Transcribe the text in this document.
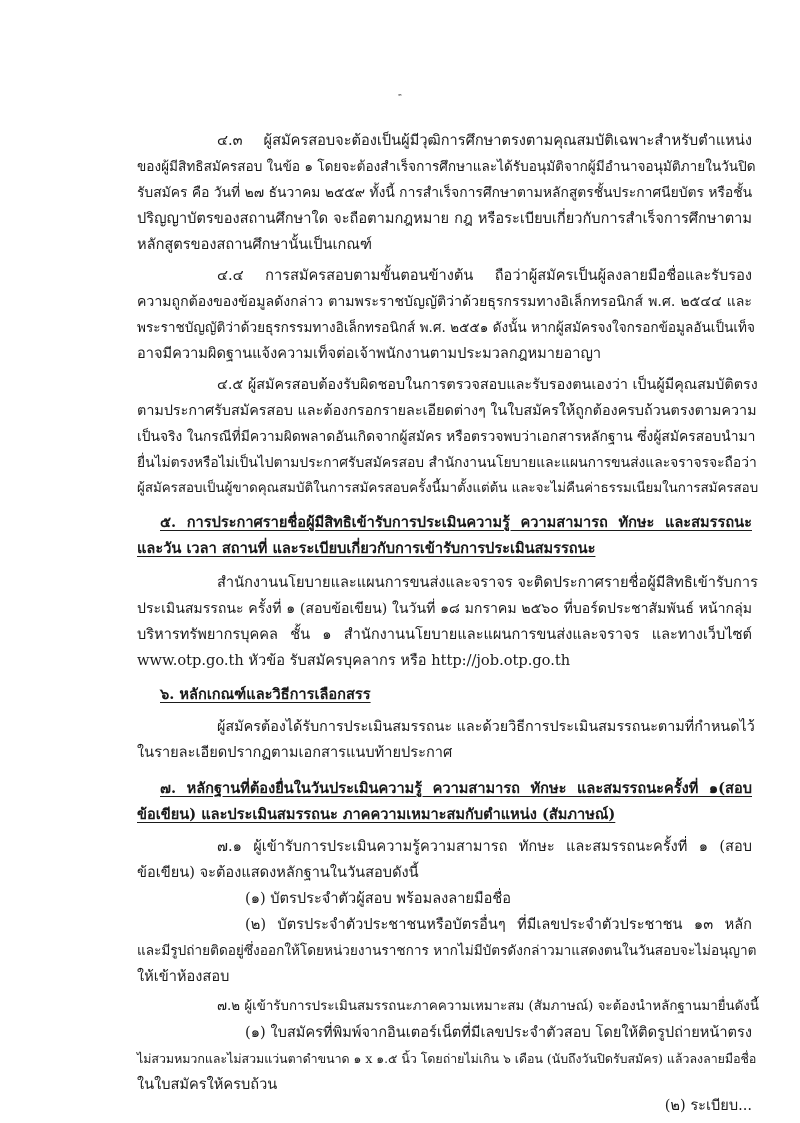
๓
๔.๓ ผู้สมัครสอบจะต้องเป็นผู้มีวุฒิการศึกษาตรงตามคุณสมบัติเฉพาะสำหรับตำแหน่ง
ของผู้มีสิทธิสมัครสอบ ในข้อ ๑ โดยจะต้องสำเร็จการศึกษาและได้รับอนุมัติจากผู้มีอำนาจอนุมัติภายในวันปิด
รับสมัคร คือ วันที่ ๒๗ ธันวาคม ๒๕๕๙ ทั้งนี้ การสำเร็จการศึกษาตามหลักสูตรชั้นประกาศนียบัตร หรือชั้น
ปริญญาบัตรของสถานศึกษาใด จะถือตามกฎหมาย กฎ หรือระเบียบเกี่ยวกับการสำเร็จการศึกษาตาม
หลักสูตรของสถานศึกษานั้นเป็นเกณฑ์
๔.๔ การสมัครสอบตามขั้นตอนข้างต้น ถือว่าผู้สมัครเป็นผู้ลงลายมือชื่อและรับรอง
ความถูกต้องของข้อมูลดังกล่าว ตามพระราชบัญญัติว่าด้วยธุรกรรมทางอิเล็กทรอนิกส์ พ.ศ. ๒๕๔๔ และ
พระราชบัญญัติว่าด้วยธุรกรรมทางอิเล็กทรอนิกส์ พ.ศ. ๒๕๕๑ ดังนั้น หากผู้สมัครจงใจกรอกข้อมูลอันเป็นเท็จ
อาจมีความผิดฐานแจ้งความเท็จต่อเจ้าพนักงานตามประมวลกฎหมายอาญา
๔.๕ ผู้สมัครสอบต้องรับผิดชอบในการตรวจสอบและรับรองตนเองว่า เป็นผู้มีคุณสมบัติตรง
ตามประกาศรับสมัครสอบ และต้องกรอกรายละเอียดต่างๆ ในใบสมัครให้ถูกต้องครบถ้วนตรงตามความ
เป็นจริง ในกรณีที่มีความผิดพลาดอันเกิดจากผู้สมัคร หรือตรวจพบว่าเอกสารหลักฐาน ซึ่งผู้สมัครสอบนำมา
ยื่นไม่ตรงหรือไม่เป็นไปตามประกาศรับสมัครสอบ สำนักงานนโยบายและแผนการขนส่งและจราจรจะถือว่า
ผู้สมัครสอบเป็นผู้ขาดคุณสมบัติในการสมัครสอบครั้งนี้มาตั้งแต่ต้น และจะไม่คืนค่าธรรมเนียมในการสมัครสอบ
๕. การประกาศรายชื่อผู้มีสิทธิเข้ารับการประเมินความรู้ ความสามารถ ทักษะ และสมรรถนะ
และวัน เวลา สถานที่ และระเบียบเกี่ยวกับการเข้ารับการประเมินสมรรถนะ
สำนักงานนโยบายและแผนการขนส่งและจราจร จะติดประกาศรายชื่อผู้มีสิทธิเข้ารับการ
ประเมินสมรรถนะ ครั้งที่ ๑ (สอบข้อเขียน) ในวันที่ ๑๘ มกราคม ๒๕๖๐ ที่บอร์ดประชาสัมพันธ์ หน้ากลุ่ม
บริหารทรัพยากรบุคคล ชั้น ๑ สำนักงานนโยบายและแผนการขนส่งและจราจร และทางเว็บไซต์
www.otp.go.th หัวข้อ รับสมัครบุคลากร หรือ http://job.otp.go.th
๖. หลักเกณฑ์และวิธีการเลือกสรร
ผู้สมัครต้องได้รับการประเมินสมรรถนะ และด้วยวิธีการประเมินสมรรถนะตามที่กำหนดไว้
ในรายละเอียดปรากฏตามเอกสารแนบท้ายประกาศ
๗. หลักฐานที่ต้องยื่นในวันประเมินความรู้ ความสามารถ ทักษะ และสมรรถนะครั้งที่ ๑(สอบ
ข้อเขียน) และประเมินสมรรถนะ ภาคความเหมาะสมกับตำแหน่ง (สัมภาษณ์)
๗.๑ ผู้เข้ารับการประเมินความรู้ความสามารถ ทักษะ และสมรรถนะครั้งที่ ๑ (สอบ
ข้อเขียน) จะต้องแสดงหลักฐานในวันสอบดังนี้
(๑) บัตรประจำตัวผู้สอบ พร้อมลงลายมือชื่อ
(๒) บัตรประจำตัวประชาชนหรือบัตรอื่นๆ ที่มีเลขประจำตัวประชาชน ๑๓ หลัก
และมีรูปถ่ายติดอยู่ซึ่งออกให้โดยหน่วยงานราชการ หากไม่มีบัตรดังกล่าวมาแสดงตนในวันสอบจะไม่อนุญาต
ให้เข้าห้องสอบ
๗.๒ ผู้เข้ารับการประเมินสมรรถนะภาคความเหมาะสม (สัมภาษณ์) จะต้องนำหลักฐานมายื่นดังนี้
(๑) ใบสมัครที่พิมพ์จากอินเตอร์เน็ตที่มีเลขประจำตัวสอบ โดยให้ติดรูปถ่ายหน้าตรง
ไม่สวมหมวกและไม่สวมแว่นตาดำขนาด ๑ x ๑.๕ นิ้ว โดยถ่ายไม่เกิน ๖ เดือน (นับถึงวันปิดรับสมัคร) แล้วลงลายมือชื่อ
ในใบสมัครให้ครบถ้วน
(๒) ระเบียบ...
